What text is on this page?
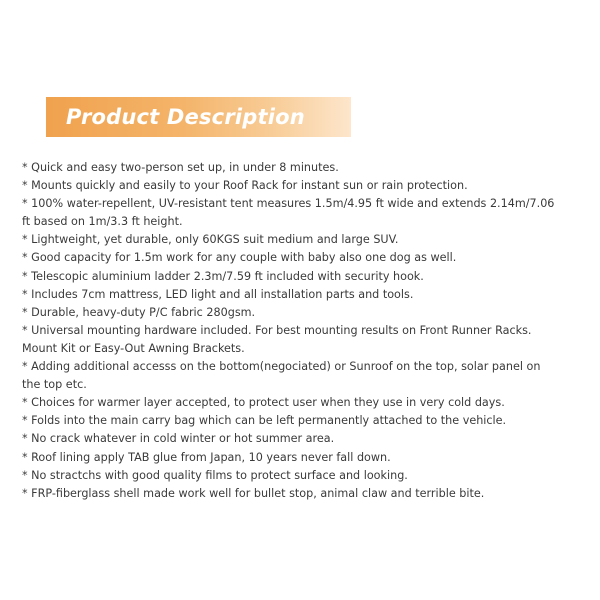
Product Description
* Quick and easy two-person set up, in under 8 minutes.
* Mounts quickly and easily to your Roof Rack for instant sun or rain protection.
* 100% water-repellent, UV-resistant tent measures 1.5m/4.95 ft wide and extends 2.14m/7.06
ft based on 1m/3.3 ft height.
* Lightweight, yet durable, only 60KGS suit medium and large SUV.
* Good capacity for 1.5m work for any couple with baby also one dog as well.
* Telescopic aluminium ladder 2.3m/7.59 ft included with security hook.
* Includes 7cm mattress, LED light and all installation parts and tools.
* Durable, heavy-duty P/C fabric 280gsm.
* Universal mounting hardware included. For best mounting results on Front Runner Racks.
Mount Kit or Easy-Out Awning Brackets.
* Adding additional accesss on the bottom(negociated) or Sunroof on the top, solar panel on
the top etc.
* Choices for warmer layer accepted, to protect user when they use in very cold days.
* Folds into the main carry bag which can be left permanently attached to the vehicle.
* No crack whatever in cold winter or hot summer area.
* Roof lining apply TAB glue from Japan, 10 years never fall down.
* No stractchs with good quality films to protect surface and looking.
* FRP-fiberglass shell made work well for bullet stop, animal claw and terrible bite.
